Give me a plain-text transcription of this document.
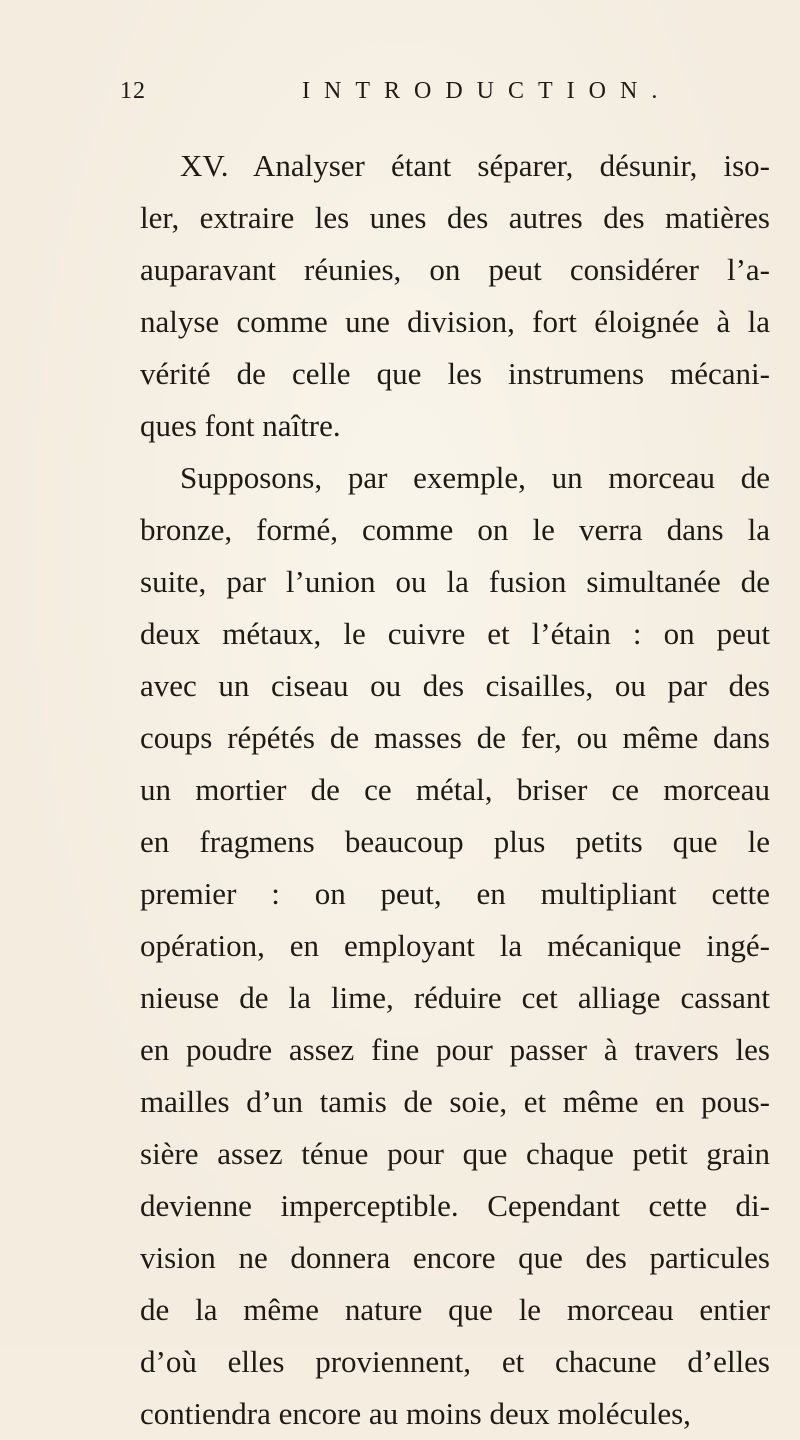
12	INTRODUCTION.
XV. Analyser étant séparer, désunir, iso-
ler, extraire les unes des autres des matières
auparavant réunies, on peut considérer l’a-
nalyse comme une division, fort éloignée à la
vérité de celle que les instrumens mécani-
ques font naître.
Supposons, par exemple, un morceau de
bronze, formé, comme on le verra dans la
suite, par l’union ou la fusion simultanée de
deux métaux, le cuivre et l’étain : on peut
avec un ciseau ou des cisailles, ou par des
coups répétés de masses de fer, ou même dans
un mortier de ce métal, briser ce morceau
en fragmens beaucoup plus petits que le
premier : on peut, en multipliant cette
opération, en employant la mécanique ingé-
nieuse de la lime, réduire cet alliage cassant
en poudre assez fine pour passer à travers les
mailles d’un tamis de soie, et même en pous-
sière assez ténue pour que chaque petit grain
devienne imperceptible. Cependant cette di-
vision ne donnera encore que des particules
de la même nature que le morceau entier
d’où elles proviennent, et chacune d’elles
contiendra encore au moins deux molécules,
